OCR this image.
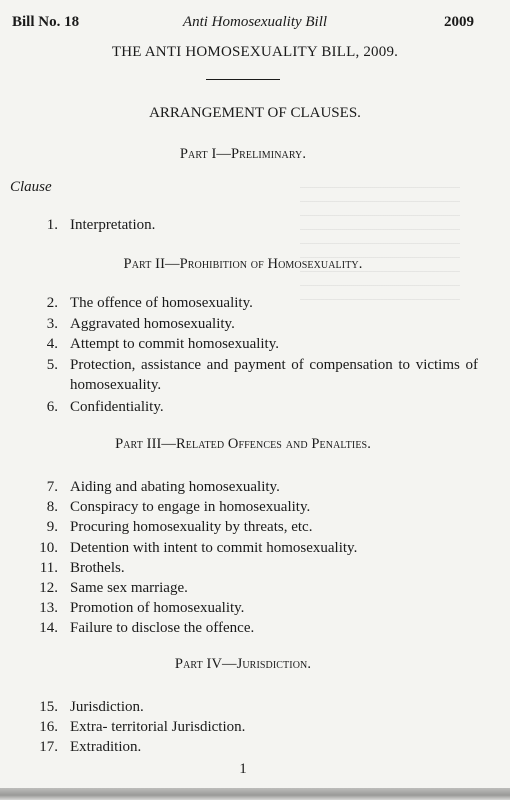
Bill No. 18	Anti Homosexuality Bill	2009
THE ANTI HOMOSEXUALITY BILL, 2009.
ARRANGEMENT OF CLAUSES.
Part I—Preliminary.
Clause
1. Interpretation.
Part II—Prohibition of Homosexuality.
2. The offence of homosexuality.
3. Aggravated homosexuality.
4. Attempt to commit homosexuality.
5. Protection, assistance and payment of compensation to victims of homosexuality.
6. Confidentiality.
Part III—Related Offences and Penalties.
7. Aiding and abating homosexuality.
8. Conspiracy to engage in homosexuality.
9. Procuring homosexuality by threats, etc.
10. Detention with intent to commit homosexuality.
11. Brothels.
12. Same sex marriage.
13. Promotion of homosexuality.
14. Failure to disclose the offence.
Part IV—Jurisdiction.
15. Jurisdiction.
16. Extra- territorial Jurisdiction.
17. Extradition.
1
